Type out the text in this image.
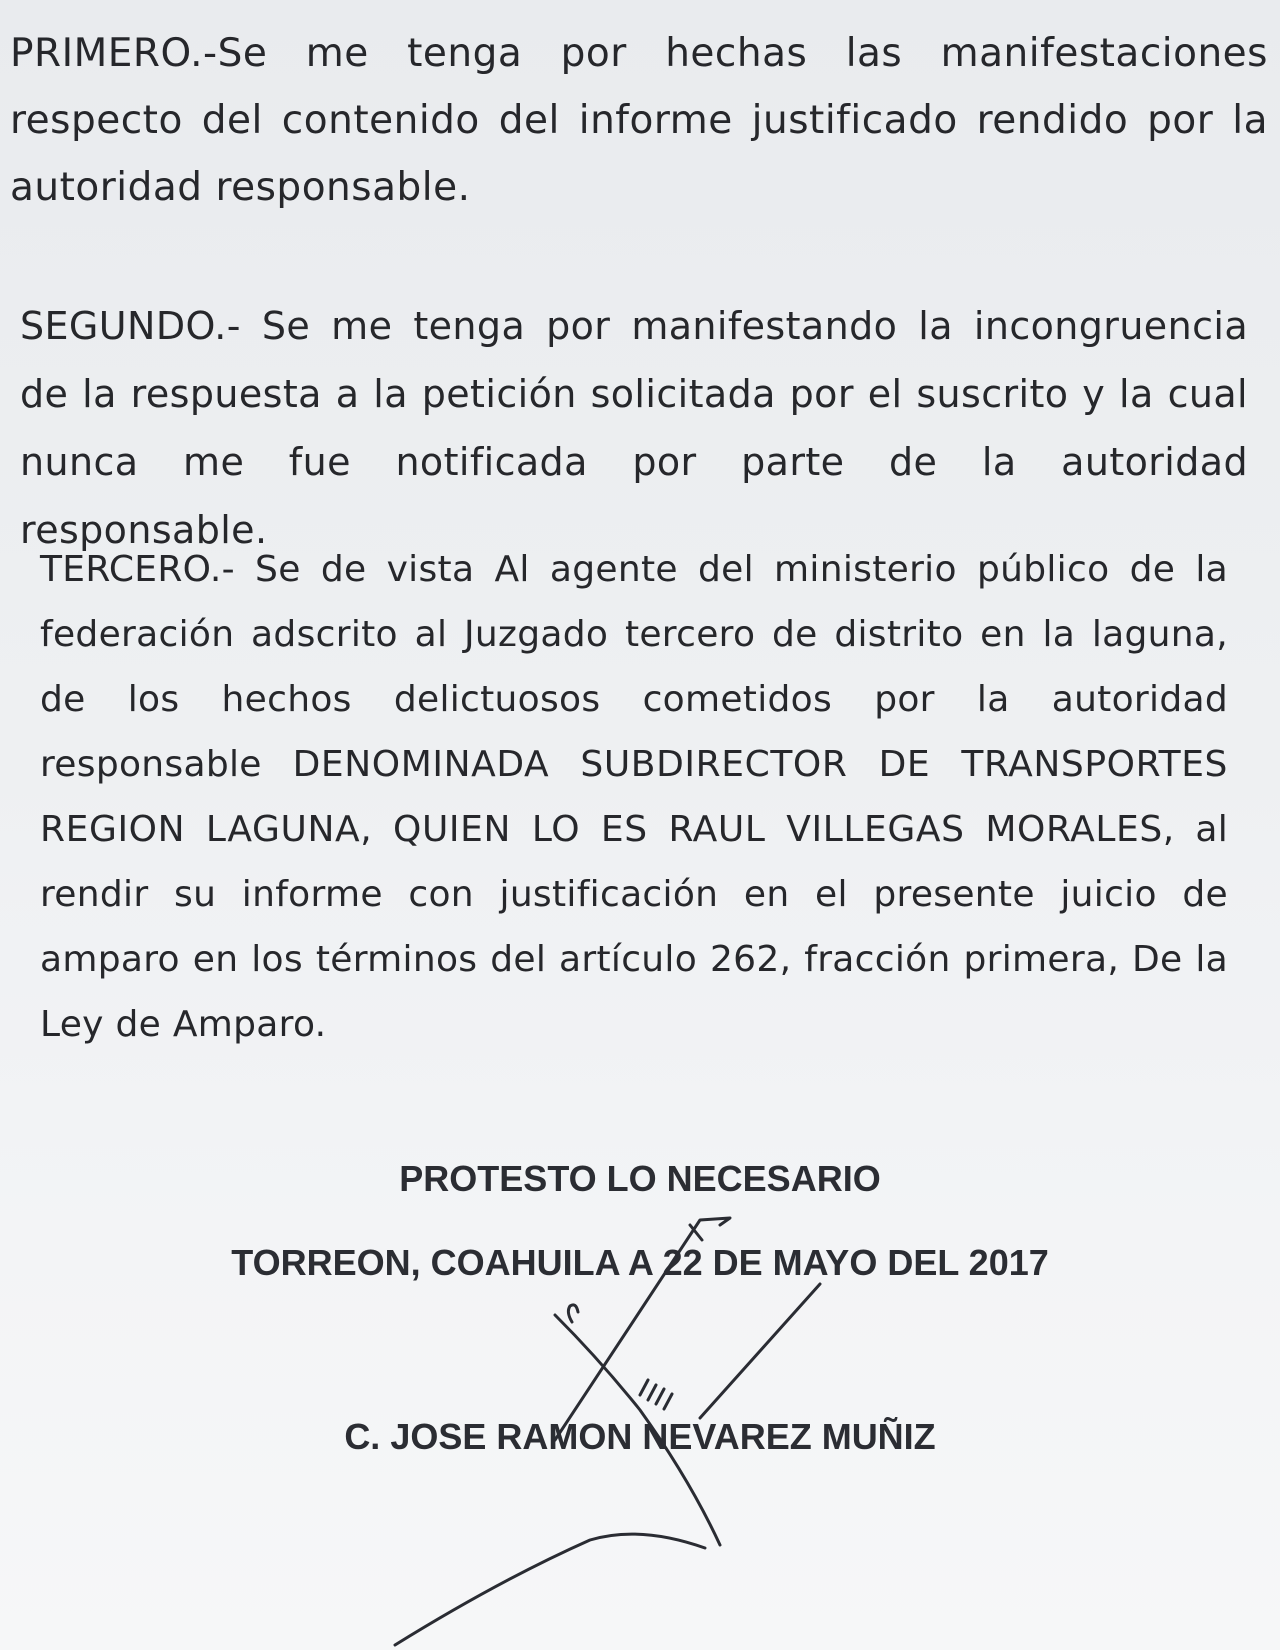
PRIMERO.-Se me tenga por hechas las manifestaciones respecto del contenido del informe justificado rendido por la autoridad responsable.

SEGUNDO.- Se me tenga por manifestando la incongruencia de la respuesta a la petición solicitada por el suscrito y la cual nunca me fue notificada por parte de la autoridad responsable.

TERCERO.- Se de vista Al agente del ministerio público de la federación adscrito al Juzgado tercero de distrito en la laguna, de los hechos delictuosos cometidos por la autoridad responsable DENOMINADA SUBDIRECTOR DE TRANSPORTES REGION LAGUNA, QUIEN LO ES RAUL VILLEGAS MORALES, al rendir su informe con justificación en el presente juicio de amparo en los términos del artículo 262, fracción primera, De la Ley de Amparo.

PROTESTO LO NECESARIO
TORREON, COAHUILA A 22 DE MAYO DEL 2017
C. JOSE RAMON NEVAREZ MUÑIZ
